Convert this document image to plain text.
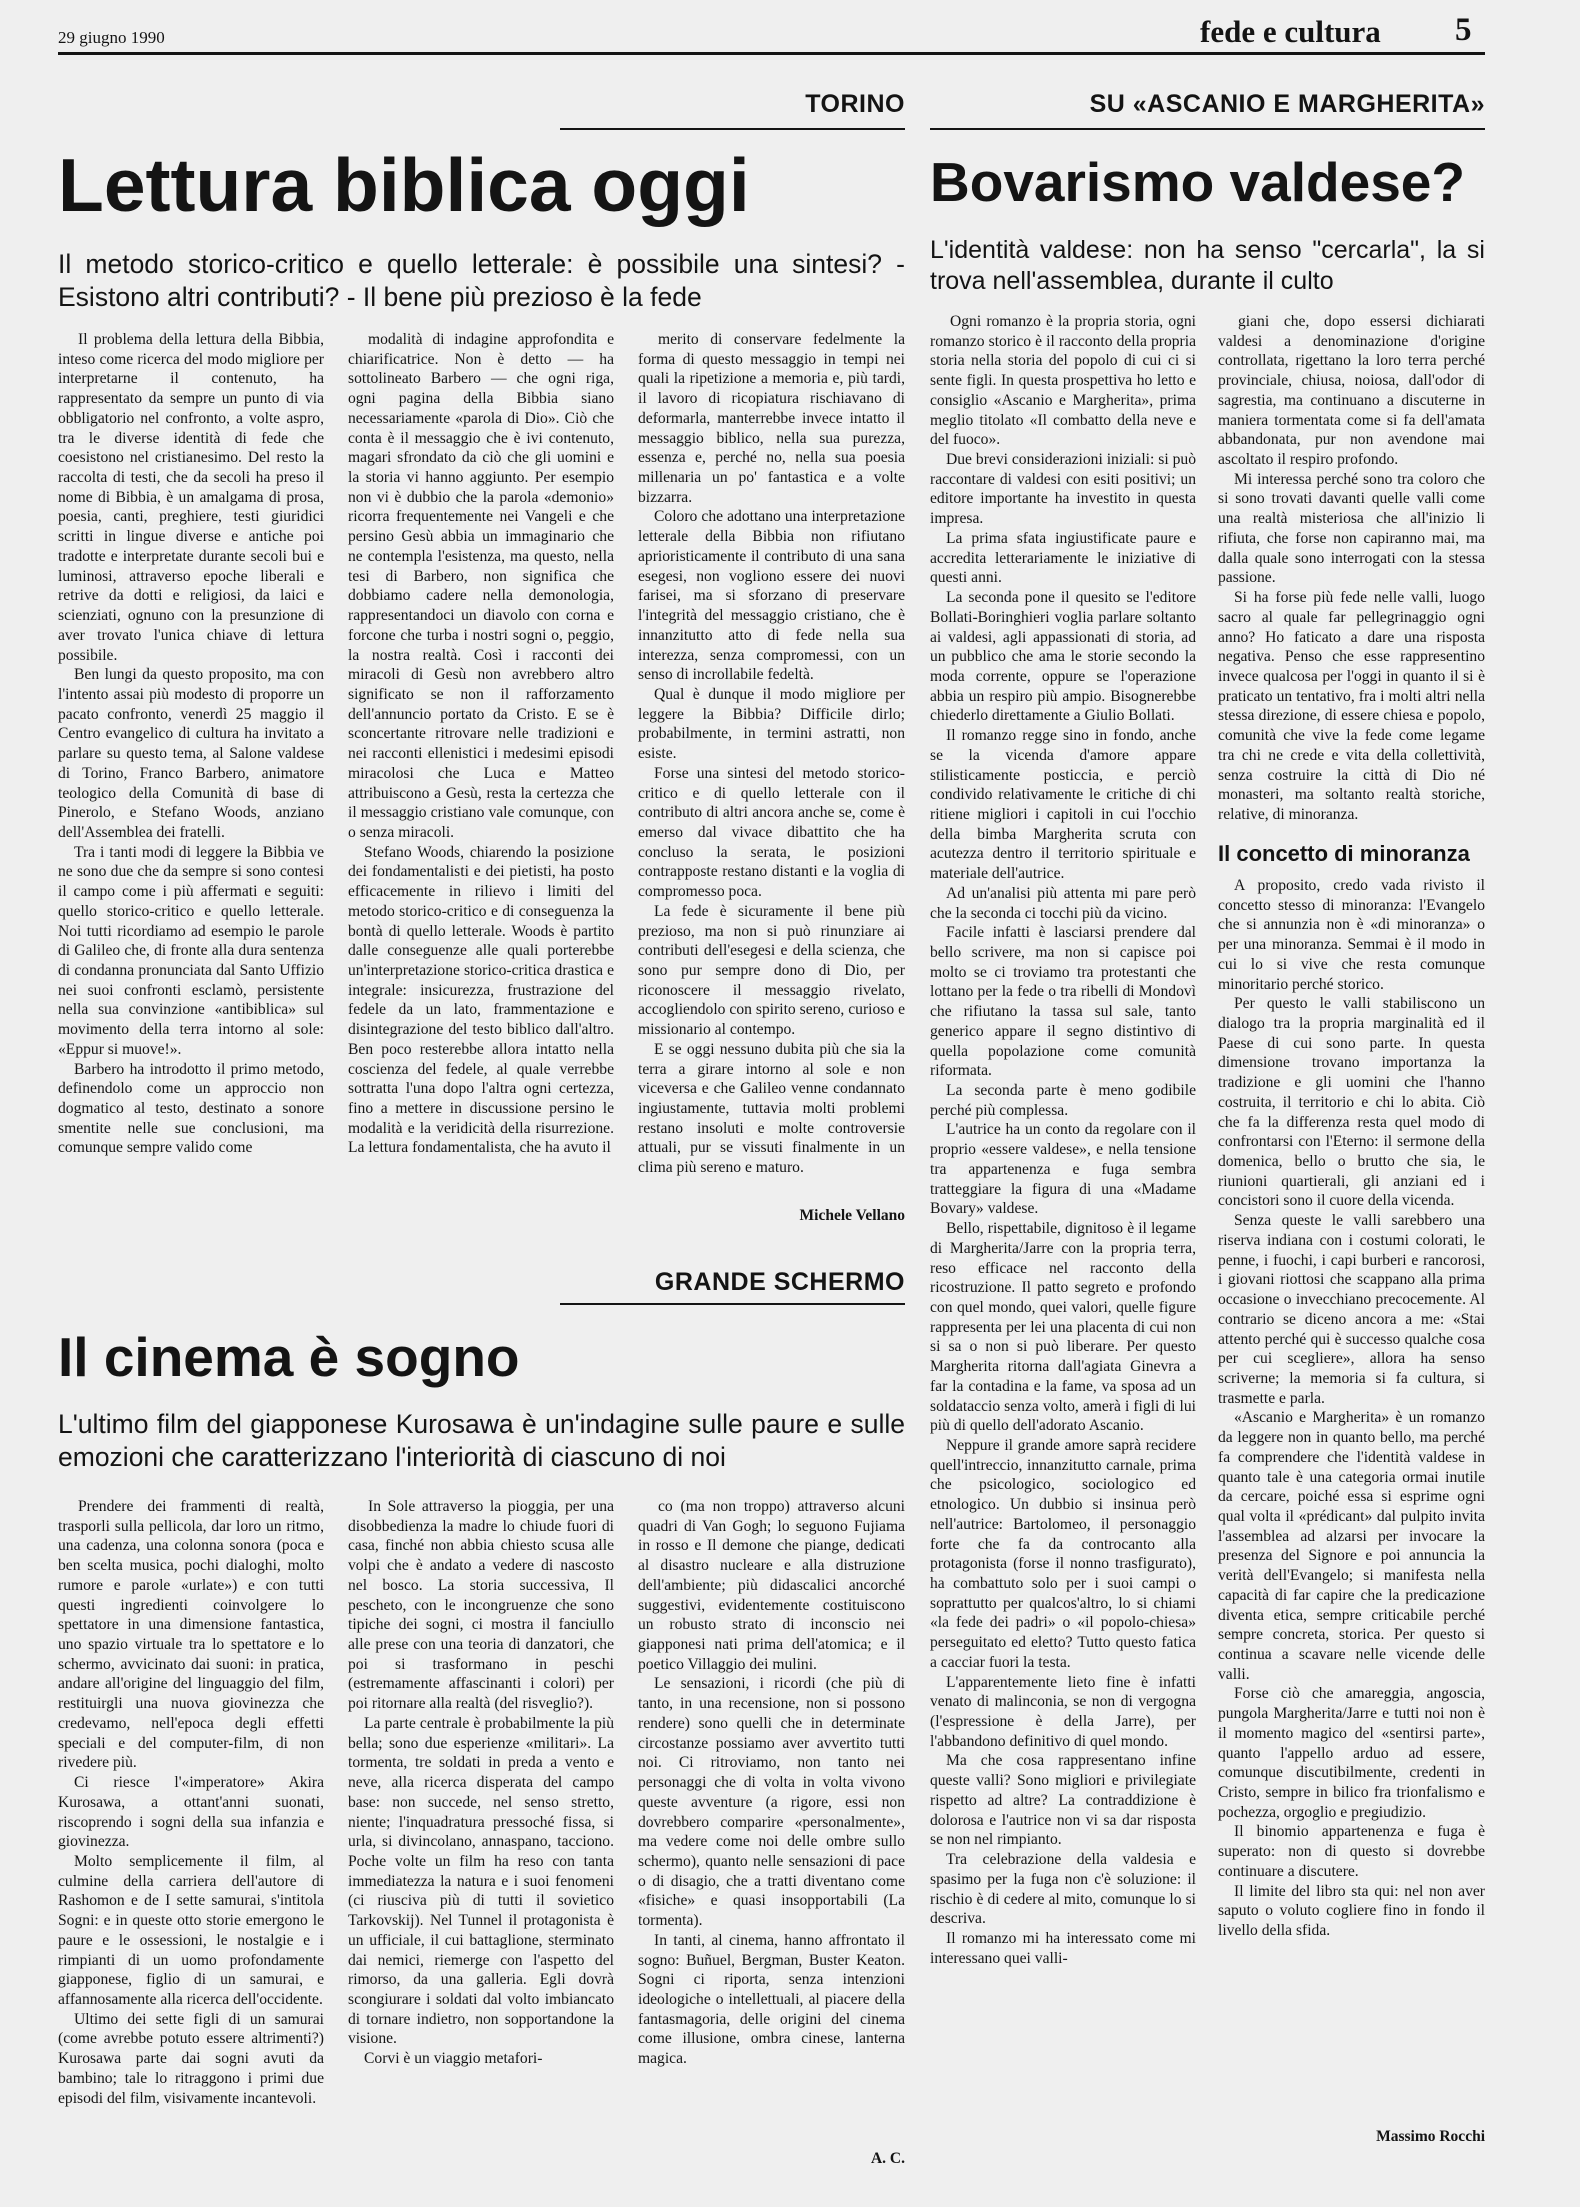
29 giugno 1990	fede e cultura 5
TORINO
Lettura biblica oggi
Il metodo storico-critico e quello letterale: è possibile una sintesi? - Esistono altri contributi? - Il bene più prezioso è la fede

Il problema della lettura della Bibbia, inteso come ricerca del modo migliore per interpretarne il contenuto, ha rappresentato da sempre un punto di via obbligatorio nel confronto, a volte aspro, tra le diverse identità di fede che coesistono nel cristianesimo. Del resto la raccolta di testi, che da secoli ha preso il nome di Bibbia, è un amalgama di prosa, poesia, canti, preghiere, testi giuridici scritti in lingue diverse e antiche poi tradotte e interpretate durante secoli bui e luminosi, attraverso epoche liberali e retrive da dotti e religiosi, da laici e scienziati, ognuno con la presunzione di aver trovato l'unica chiave di lettura possibile.

Ben lungi da questo proposito, ma con l'intento assai più modesto di proporre un pacato confronto, venerdì 25 maggio il Centro evangelico di cultura ha invitato a parlare su questo tema, al Salone valdese di Torino, Franco Barbero, animatore teologico della Comunità di base di Pinerolo, e Stefano Woods, anziano dell'Assemblea dei fratelli.

Tra i tanti modi di leggere la Bibbia ve ne sono due che da sempre si sono contesi il campo come i più affermati e seguiti: quello storico-critico e quello letterale. Noi tutti ricordiamo ad esempio le parole di Galileo che, di fronte alla dura sentenza di condanna pronunciata dal Santo Uffizio nei suoi confronti esclamò, persistente nella sua convinzione «antibiblica» sul movimento della terra intorno al sole: «Eppur si muove!».

Barbero ha introdotto il primo metodo, definendolo come un approccio non dogmatico al testo, destinato a sonore smentite nelle sue conclusioni, ma comunque sempre valido come

modalità di indagine approfondita e chiarificatrice. Non è detto — ha sottolineato Barbero — che ogni riga, ogni pagina della Bibbia siano necessariamente «parola di Dio». Ciò che conta è il messaggio che è ivi contenuto, magari sfrondato da ciò che gli uomini e la storia vi hanno aggiunto. Per esempio non vi è dubbio che la parola «demonio» ricorra frequentemente nei Vangeli e che persino Gesù abbia un immaginario che ne contempla l'esistenza, ma questo, nella tesi di Barbero, non significa che dobbiamo cadere nella demonologia, rappresentandoci un diavolo con corna e forcone che turba i nostri sogni o, peggio, la nostra realtà. Così i racconti dei miracoli di Gesù non avrebbero altro significato se non il rafforzamento dell'annuncio portato da Cristo. E se è sconcertante ritrovare nelle tradizioni e nei racconti ellenistici i medesimi episodi miracolosi che Luca e Matteo attribuiscono a Gesù, resta la certezza che il messaggio cristiano vale comunque, con o senza miracoli.

Stefano Woods, chiarendo la posizione dei fondamentalisti e dei pietisti, ha posto efficacemente in rilievo i limiti del metodo storico-critico e di conseguenza la bontà di quello letterale. Woods è partito dalle conseguenze alle quali porterebbe un'interpretazione storico-critica drastica e integrale: insicurezza, frustrazione del fedele da un lato, frammentazione e disintegrazione del testo biblico dall'altro. Ben poco resterebbe allora intatto nella coscienza del fedele, al quale verrebbe sottratta l'una dopo l'altra ogni certezza, fino a mettere in discussione persino le modalità e la veridicità della risurrezione. La lettura fondamentalista, che ha avuto il

merito di conservare fedelmente la forma di questo messaggio in tempi nei quali la ripetizione a memoria e, più tardi, il lavoro di ricopiatura rischiavano di deformarla, manterrebbe invece intatto il messaggio biblico, nella sua purezza, essenza e, perché no, nella sua poesia millenaria un po' fantastica e a volte bizzarra.

Coloro che adottano una interpretazione letterale della Bibbia non rifiutano aprioristicamente il contributo di una sana esegesi, non vogliono essere dei nuovi farisei, ma si sforzano di preservare l'integrità del messaggio cristiano, che è innanzitutto atto di fede nella sua interezza, senza compromessi, con un senso di incrollabile fedeltà.

Qual è dunque il modo migliore per leggere la Bibbia? Difficile dirlo; probabilmente, in termini astratti, non esiste.

Forse una sintesi del metodo storico-critico e di quello letterale con il contributo di altri ancora anche se, come è emerso dal vivace dibattito che ha concluso la serata, le posizioni contrapposte restano distanti e la voglia di compromesso poca.

La fede è sicuramente il bene più prezioso, ma non si può rinunziare ai contributi dell'esegesi e della scienza, che sono pur sempre dono di Dio, per riconoscere il messaggio rivelato, accogliendolo con spirito sereno, curioso e missionario al contempo.

E se oggi nessuno dubita più che sia la terra a girare intorno al sole e non viceversa e che Galileo venne condannato ingiustamente, tuttavia molti problemi restano insoluti e molte controversie attuali, pur se vissuti finalmente in un clima più sereno e maturo.

Michele Vellano
GRANDE SCHERMO
Il cinema è sogno
L'ultimo film del giapponese Kurosawa è un'indagine sulle paure e sulle emozioni che caratterizzano l'interiorità di ciascuno di noi

Prendere dei frammenti di realtà, trasporli sulla pellicola, dar loro un ritmo, una cadenza, una colonna sonora (poca e ben scelta musica, pochi dialoghi, molto rumore e parole «urlate») e con tutti questi ingredienti coinvolgere lo spettatore in una dimensione fantastica, uno spazio virtuale tra lo spettatore e lo schermo, avvicinato dai suoni: in pratica, andare all'origine del linguaggio del film, restituirgli una nuova giovinezza che credevamo, nell'epoca degli effetti speciali e del computer-film, di non rivedere più.

Ci riesce l'«imperatore» Akira Kurosawa, a ottant'anni suonati, riscoprendo i sogni della sua infanzia e giovinezza.

Molto semplicemente il film, al culmine della carriera dell'autore di Rashomon e de I sette samurai, s'intitola Sogni: e in queste otto storie emergono le paure e le ossessioni, le nostalgie e i rimpianti di un uomo profondamente giapponese, figlio di un samurai, e affannosamente alla ricerca dell'occidente.

Ultimo dei sette figli di un samurai (come avrebbe potuto essere altrimenti?) Kurosawa parte dai sogni avuti da bambino; tale lo ritraggono i primi due episodi del film, visivamente incantevoli.

In Sole attraverso la pioggia, per una disobbedienza la madre lo chiude fuori di casa, finché non abbia chiesto scusa alle volpi che è andato a vedere di nascosto nel bosco. La storia successiva, Il pescheto, con le incongruenze che sono tipiche dei sogni, ci mostra il fanciullo alle prese con una teoria di danzatori, che poi si trasformano in peschi (estremamente affascinanti i colori) per poi ritornare alla realtà (del risveglio?).

La parte centrale è probabilmente la più bella; sono due esperienze «militari». La tormenta, tre soldati in preda a vento e neve, alla ricerca disperata del campo base: non succede, nel senso stretto, niente; l'inquadratura pressoché fissa, si urla, si divincolano, annaspano, tacciono. Poche volte un film ha reso con tanta immediatezza la natura e i suoi fenomeni (ci riusciva più di tutti il sovietico Tarkovskij). Nel Tunnel il protagonista è un ufficiale, il cui battaglione, sterminato dai nemici, riemerge con l'aspetto del rimorso, da una galleria. Egli dovrà scongiurare i soldati dal volto imbiancato di tornare indietro, non sopportandone la visione.

Corvi è un viaggio metafori-

co (ma non troppo) attraverso alcuni quadri di Van Gogh; lo seguono Fujiama in rosso e Il demone che piange, dedicati al disastro nucleare e alla distruzione dell'ambiente; più didascalici ancorché suggestivi, evidentemente costituiscono un robusto strato di inconscio nei giapponesi nati prima dell'atomica; e il poetico Villaggio dei mulini.

Le sensazioni, i ricordi (che più di tanto, in una recensione, non si possono rendere) sono quelli che in determinate circostanze possiamo aver avvertito tutti noi. Ci ritroviamo, non tanto nei personaggi che di volta in volta vivono queste avventure (a rigore, essi non dovrebbero comparire «personalmente», ma vedere come noi delle ombre sullo schermo), quanto nelle sensazioni di pace o di disagio, che a tratti diventano come «fisiche» e quasi insopportabili (La tormenta).

In tanti, al cinema, hanno affrontato il sogno: Buñuel, Bergman, Buster Keaton. Sogni ci riporta, senza intenzioni ideologiche o intellettuali, al piacere della fantasmagoria, delle origini del cinema come illusione, ombra cinese, lanterna magica.

A. C.
SU «ASCANIO E MARGHERITA»
Bovarismo valdese?
L'identità valdese: non ha senso "cercarla", la si trova nell'assemblea, durante il culto

Ogni romanzo è la propria storia, ogni romanzo storico è il racconto della propria storia nella storia del popolo di cui ci si sente figli. In questa prospettiva ho letto e consiglio «Ascanio e Margherita», prima meglio titolato «Il combatto della neve e del fuoco».

Due brevi considerazioni iniziali: si può raccontare di valdesi con esiti positivi; un editore importante ha investito in questa impresa.

La prima sfata ingiustificate paure e accredita letterariamente le iniziative di questi anni.

La seconda pone il quesito se l'editore Bollati-Boringhieri voglia parlare soltanto ai valdesi, agli appassionati di storia, ad un pubblico che ama le storie secondo la moda corrente, oppure se l'operazione abbia un respiro più ampio. Bisognerebbe chiederlo direttamente a Giulio Bollati.

Il romanzo regge sino in fondo, anche se la vicenda d'amore appare stilisticamente posticcia, e perciò condivido relativamente le critiche di chi ritiene migliori i capitoli in cui l'occhio della bimba Margherita scruta con acutezza dentro il territorio spirituale e materiale dell'autrice.

Ad un'analisi più attenta mi pare però che la seconda ci tocchi più da vicino.

Facile infatti è lasciarsi prendere dal bello scrivere, ma non si capisce poi molto se ci troviamo tra protestanti che lottano per la fede o tra ribelli di Mondovì che rifiutano la tassa sul sale, tanto generico appare il segno distintivo di quella popolazione come comunità riformata.

La seconda parte è meno godibile perché più complessa.

L'autrice ha un conto da regolare con il proprio «essere valdese», e nella tensione tra appartenenza e fuga sembra tratteggiare la figura di una «Madame Bovary» valdese.

Bello, rispettabile, dignitoso è il legame di Margherita/Jarre con la propria terra, reso efficace nel racconto della ricostruzione. Il patto segreto e profondo con quel mondo, quei valori, quelle figure rappresenta per lei una placenta di cui non si sa o non si può liberare. Per questo Margherita ritorna dall'agiata Ginevra a far la contadina e la fame, va sposa ad un soldataccio senza volto, amerà i figli di lui più di quello dell'adorato Ascanio.

Neppure il grande amore saprà recidere quell'intreccio, innanzitutto carnale, prima che psicologico, sociologico ed etnologico. Un dubbio si insinua però nell'autrice: Bartolomeo, il personaggio forte che fa da controcanto alla protagonista (forse il nonno trasfigurato), ha combattuto solo per i suoi campi o soprattutto per qualcos'altro, lo si chiami «la fede dei padri» o «il popolo-chiesa» perseguitato ed eletto? Tutto questo fatica a cacciar fuori la testa.

L'apparentemente lieto fine è infatti venato di malinconia, se non di vergogna (l'espressione è della Jarre), per l'abbandono definitivo di quel mondo.

Ma che cosa rappresentano infine queste valli? Sono migliori e privilegiate rispetto ad altre? La contraddizione è dolorosa e l'autrice non vi sa dar risposta se non nel rimpianto.

Tra celebrazione della valdesia e spasimo per la fuga non c'è soluzione: il rischio è di cedere al mito, comunque lo si descriva.

Il romanzo mi ha interessato come mi interessano quei valli-

giani che, dopo essersi dichiarati valdesi a denominazione d'origine controllata, rigettano la loro terra perché provinciale, chiusa, noiosa, dall'odor di sagrestia, ma continuano a discuterne in maniera tormentata come si fa dell'amata abbandonata, pur non avendone mai ascoltato il respiro profondo.

Mi interessa perché sono tra coloro che si sono trovati davanti quelle valli come una realtà misteriosa che all'inizio li rifiuta, che forse non capiranno mai, ma dalla quale sono interrogati con la stessa passione.

Si ha forse più fede nelle valli, luogo sacro al quale far pellegrinaggio ogni anno? Ho faticato a dare una risposta negativa. Penso che esse rappresentino invece qualcosa per l'oggi in quanto il si è praticato un tentativo, fra i molti altri nella stessa direzione, di essere chiesa e popolo, comunità che vive la fede come legame tra chi ne crede e vita della collettività, senza costruire la città di Dio né monasteri, ma soltanto realtà storiche, relative, di minoranza.

Il concetto di minoranza

A proposito, credo vada rivisto il concetto stesso di minoranza: l'Evangelo che si annunzia non è «di minoranza» o per una minoranza. Semmai è il modo in cui lo si vive che resta comunque minoritario perché storico.

Per questo le valli stabiliscono un dialogo tra la propria marginalità ed il Paese di cui sono parte. In questa dimensione trovano importanza la tradizione e gli uomini che l'hanno costruita, il territorio e chi lo abita. Ciò che fa la differenza resta quel modo di confrontarsi con l'Eterno: il sermone della domenica, bello o brutto che sia, le riunioni quartierali, gli anziani ed i concistori sono il cuore della vicenda.

Senza queste le valli sarebbero una riserva indiana con i costumi colorati, le penne, i fuochi, i capi burberi e rancorosi, i giovani riottosi che scappano alla prima occasione o invecchiano precocemente. Al contrario se diceno ancora a me: «Stai attento perché qui è successo qualche cosa per cui scegliere», allora ha senso scriverne; la memoria si fa cultura, si trasmette e parla.

«Ascanio e Margherita» è un romanzo da leggere non in quanto bello, ma perché fa comprendere che l'identità valdese in quanto tale è una categoria ormai inutile da cercare, poiché essa si esprime ogni qual volta il «prédicant» dal pulpito invita l'assemblea ad alzarsi per invocare la presenza del Signore e poi annuncia la verità dell'Evangelo; si manifesta nella capacità di far capire che la predicazione diventa etica, sempre criticabile perché sempre concreta, storica. Per questo si continua a scavare nelle vicende delle valli.

Forse ciò che amareggia, angoscia, pungola Margherita/Jarre e tutti noi non è il momento magico del «sentirsi parte», quanto l'appello arduo ad essere, comunque discutibilmente, credenti in Cristo, sempre in bilico fra trionfalismo e pochezza, orgoglio e pregiudizio.

Il binomio appartenenza e fuga è superato: non di questo si dovrebbe continuare a discutere.

Il limite del libro sta qui: nel non aver saputo o voluto cogliere fino in fondo il livello della sfida.

Massimo Rocchi
